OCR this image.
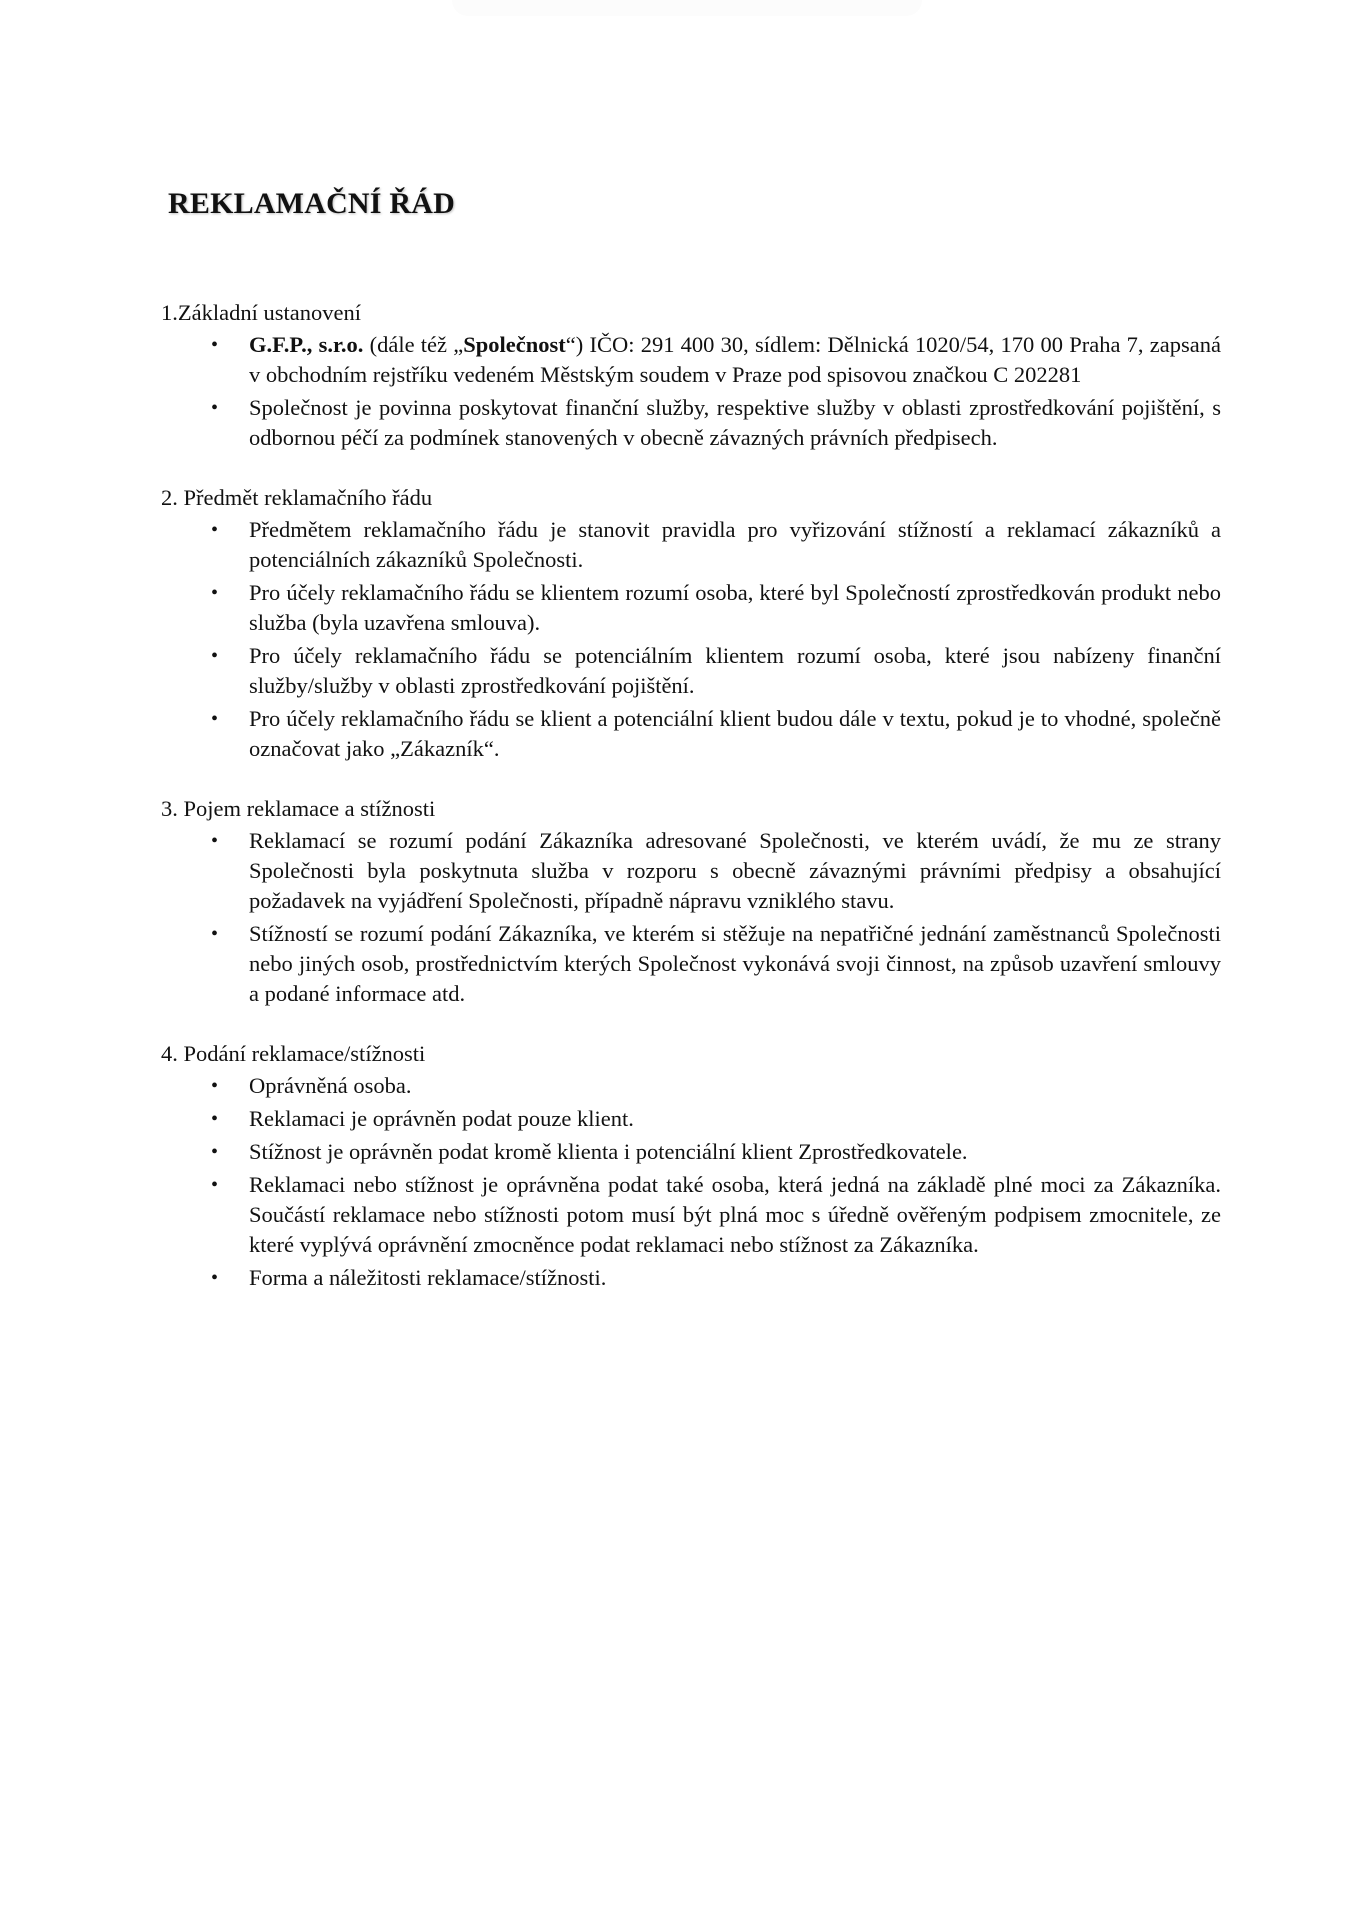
REKLAMAČNÍ ŘÁD

1.Základní ustanovení

• G.F.P., s.r.o. (dále též „Společnost“) IČO: 291 400 30, sídlem: Dělnická 1020/54, 170 00 Praha 7, zapsaná v obchodním rejstříku vedeném Městským soudem v Praze pod spisovou značkou C 202281
• Společnost je povinna poskytovat finanční služby, respektive služby v oblasti zprostředkování pojištění, s odbornou péčí za podmínek stanovených v obecně závazných právních předpisech.

2. Předmět reklamačního řádu

• Předmětem reklamačního řádu je stanovit pravidla pro vyřizování stížností a reklamací zákazníků a potenciálních zákazníků Společnosti.
• Pro účely reklamačního řádu se klientem rozumí osoba, které byl Společností zprostředkován produkt nebo služba (byla uzavřena smlouva).
• Pro účely reklamačního řádu se potenciálním klientem rozumí osoba, které jsou nabízeny finanční služby/služby v oblasti zprostředkování pojištění.
• Pro účely reklamačního řádu se klient a potenciální klient budou dále v textu, pokud je to vhodné, společně označovat jako „Zákazník“.

3. Pojem reklamace a stížnosti

• Reklamací se rozumí podání Zákazníka adresované Společnosti, ve kterém uvádí, že mu ze strany Společnosti byla poskytnuta služba v rozporu s obecně závaznými právními předpisy a obsahující požadavek na vyjádření Společnosti, případně nápravu vzniklého stavu.
• Stížností se rozumí podání Zákazníka, ve kterém si stěžuje na nepatřičné jednání zaměstnanců Společnosti nebo jiných osob, prostřednictvím kterých Společnost vykonává svoji činnost, na způsob uzavření smlouvy a podané informace atd.

4. Podání reklamace/stížnosti

• Oprávněná osoba.
• Reklamaci je oprávněn podat pouze klient.
• Stížnost je oprávněn podat kromě klienta i potenciální klient Zprostředkovatele.
• Reklamaci nebo stížnost je oprávněna podat také osoba, která jedná na základě plné moci za Zákazníka. Součástí reklamace nebo stížnosti potom musí být plná moc s úředně ověřeným podpisem zmocnitele, ze které vyplývá oprávnění zmocněnce podat reklamaci nebo stížnost za Zákazníka.
• Forma a náležitosti reklamace/stížnosti.
